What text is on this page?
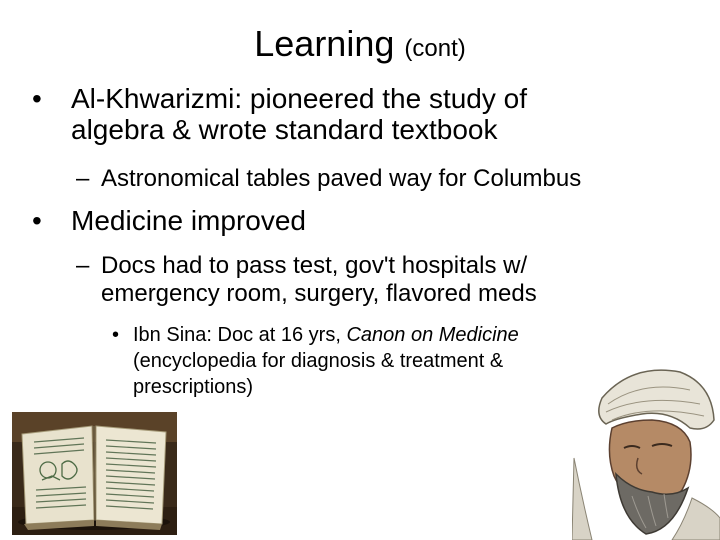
Learning (cont)
•	Al-Khwarizmi: pioneered the study of
algebra & wrote standard textbook
– Astronomical tables paved way for Columbus
•	Medicine improved
– Docs had to pass test, gov't hospitals w/
emergency room, surgery, flavored meds
• Ibn Sina: Doc at 16 yrs, Canon on Medicine
(encyclopedia for diagnosis & treatment &
prescriptions)
